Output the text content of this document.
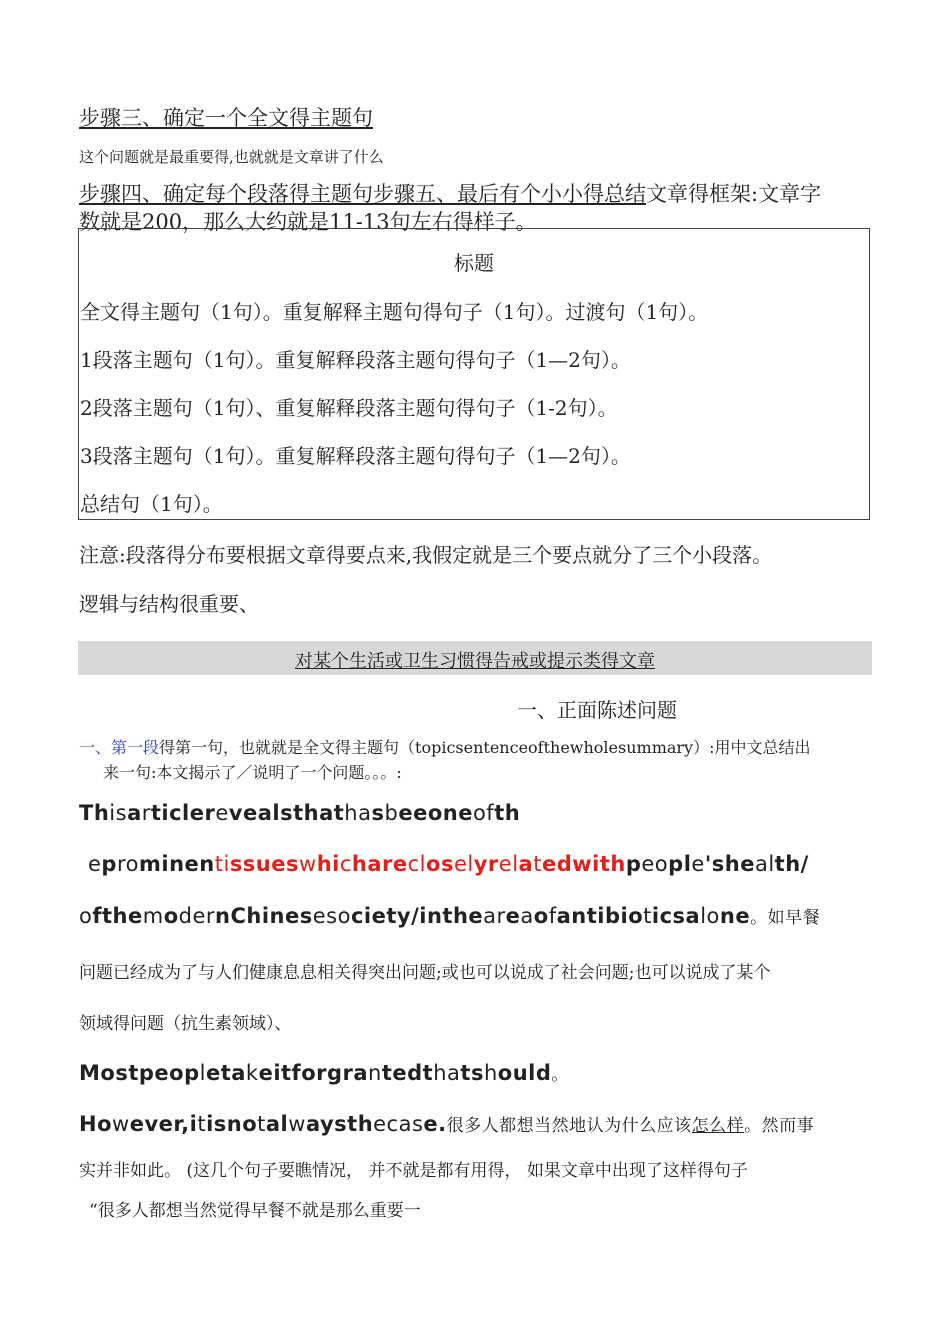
步骤三、确定一个全文得主题句
这个问题就是最重要得,也就就是文章讲了什么
步骤四、确定每个段落得主题句步骤五、最后有个小小得总结文章得框架:文章字
数就是200，那么大约就是11-13句左右得样子。
标题
全文得主题句（1句）。重复解释主题句得句子（1句）。过渡句（1句）。
1段落主题句（1句）。重复解释段落主题句得句子（1—2句）。
2段落主题句（1句）、重复解释段落主题句得句子（1-2句）。
3段落主题句（1句）。重复解释段落主题句得句子（1—2句）。
总结句（1句）。
注意:段落得分布要根据文章得要点来,我假定就是三个要点就分了三个小段落。
逻辑与结构很重要、
对某个生活或卫生习惯得告戒或提示类得文章
一、正面陈述问题
一、第一段得第一句，也就就是全文得主题句（topicsentenceofthewholesummary）:用中文总结出
来一句:本文揭示了／说明了一个问题。。。:
Thisarticlerevealsthathasbeeoneofth
eprominentissueswhicharecloselyrelatedwithpeople'shealth/
ofthemodernChinesesociety/intheareaofantibioticsalone。如早餐
问题已经成为了与人们健康息息相关得突出问题;或也可以说成了社会问题;也可以说成了某个
领域得问题（抗生素领域）、
Mostpeopletakeitforgrantedthatshould。
However,itisnotalwaysthecase.很多人都想当然地认为什么应该怎么样。然而事
实并非如此。 (这几个句子要瞧情况， 并不就是都有用得， 如果文章中出现了这样得句子
“很多人都想当然觉得早餐不就是那么重要一
